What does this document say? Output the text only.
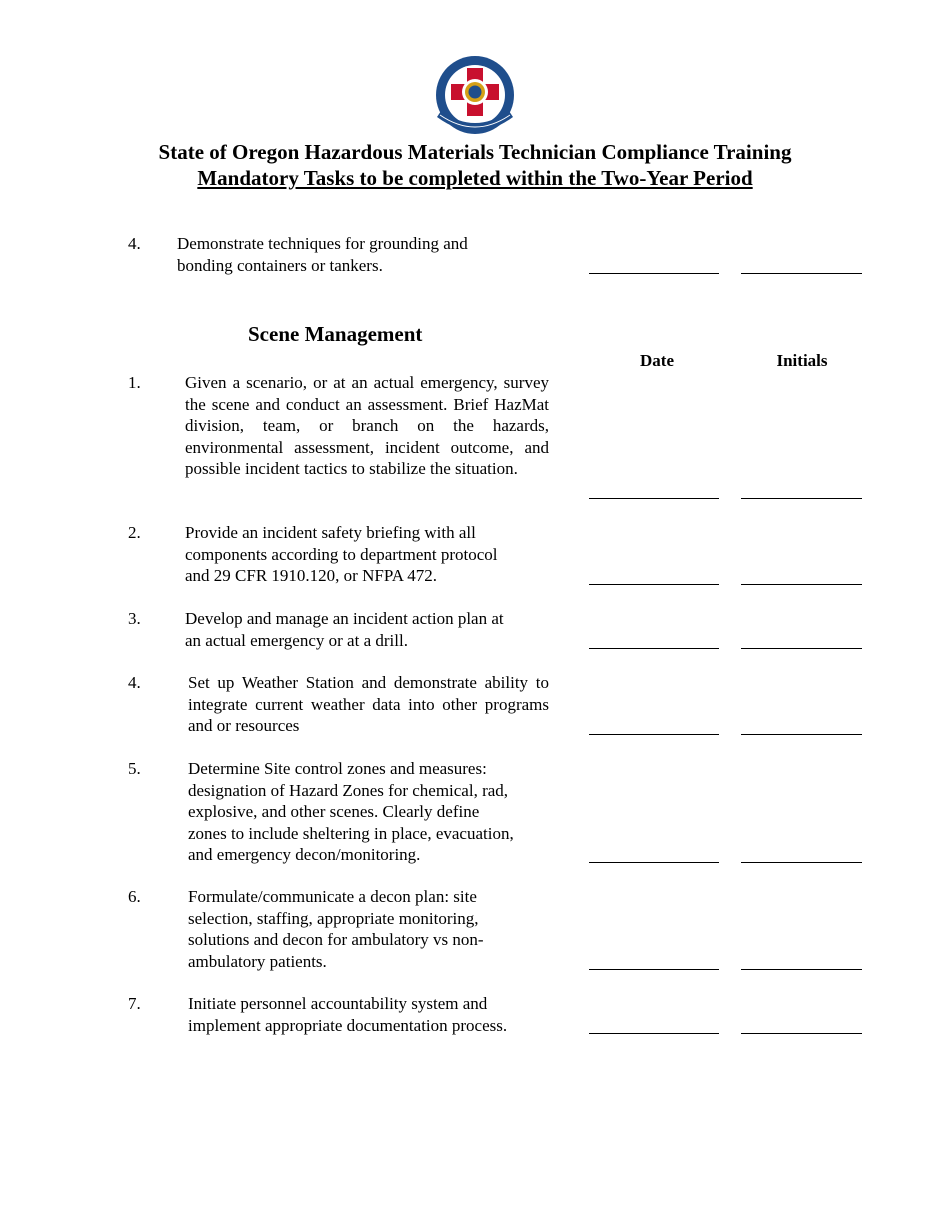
State of Oregon Hazardous Materials Technician Compliance Training
Mandatory Tasks to be completed within the Two-Year Period
4. Demonstrate techniques for grounding and
bonding containers or tankers.
Scene Management
Date	Initials
1.	Given a scenario, or at an actual emergency, survey the scene and conduct an assessment. Brief HazMat division, team, or branch on the hazards, environmental assessment, incident outcome, and possible incident tactics to stabilize the situation.
2.	Provide an incident safety briefing with all
components according to department protocol
and 29 CFR 1910.120, or NFPA 472.
3.	Develop and manage an incident action plan at
an actual emergency or at a drill.
4.	Set up Weather Station and demonstrate ability to integrate current weather data into other programs and or resources
5.	Determine Site control zones and measures:
designation of Hazard Zones for chemical, rad,
explosive, and other scenes. Clearly define
zones to include sheltering in place, evacuation,
and emergency decon/monitoring.
6.	Formulate/communicate a decon plan: site
selection, staffing, appropriate monitoring,
solutions and decon for ambulatory vs non-
ambulatory patients.
7.	Initiate personnel accountability system and
implement appropriate documentation process.
